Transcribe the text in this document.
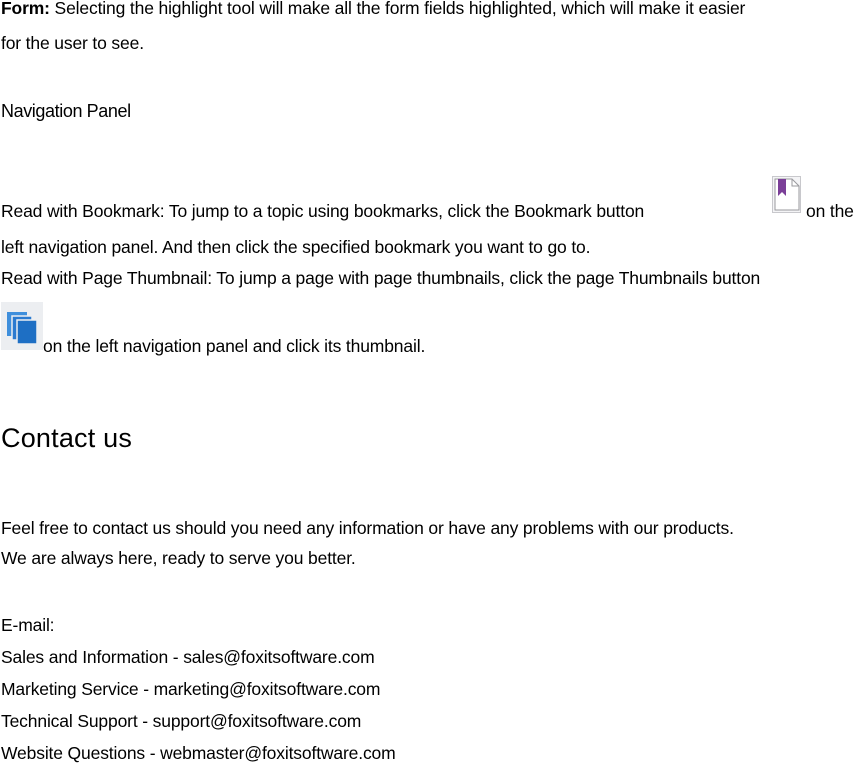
Form: Selecting the highlight tool will make all the form fields highlighted, which will make it easier
for the user to see.
Navigation Panel
Read with Bookmark: To jump to a topic using bookmarks, click the Bookmark button	on the
left navigation panel. And then click the specified bookmark you want to go to.
Read with Page Thumbnail: To jump a page with page thumbnails, click the page Thumbnails button
on the left navigation panel and click its thumbnail.
Contact us
Feel free to contact us should you need any information or have any problems with our products.
We are always here, ready to serve you better.
E-mail:
Sales and Information - sales@foxitsoftware.com
Marketing Service - marketing@foxitsoftware.com
Technical Support - support@foxitsoftware.com
Website Questions - webmaster@foxitsoftware.com
